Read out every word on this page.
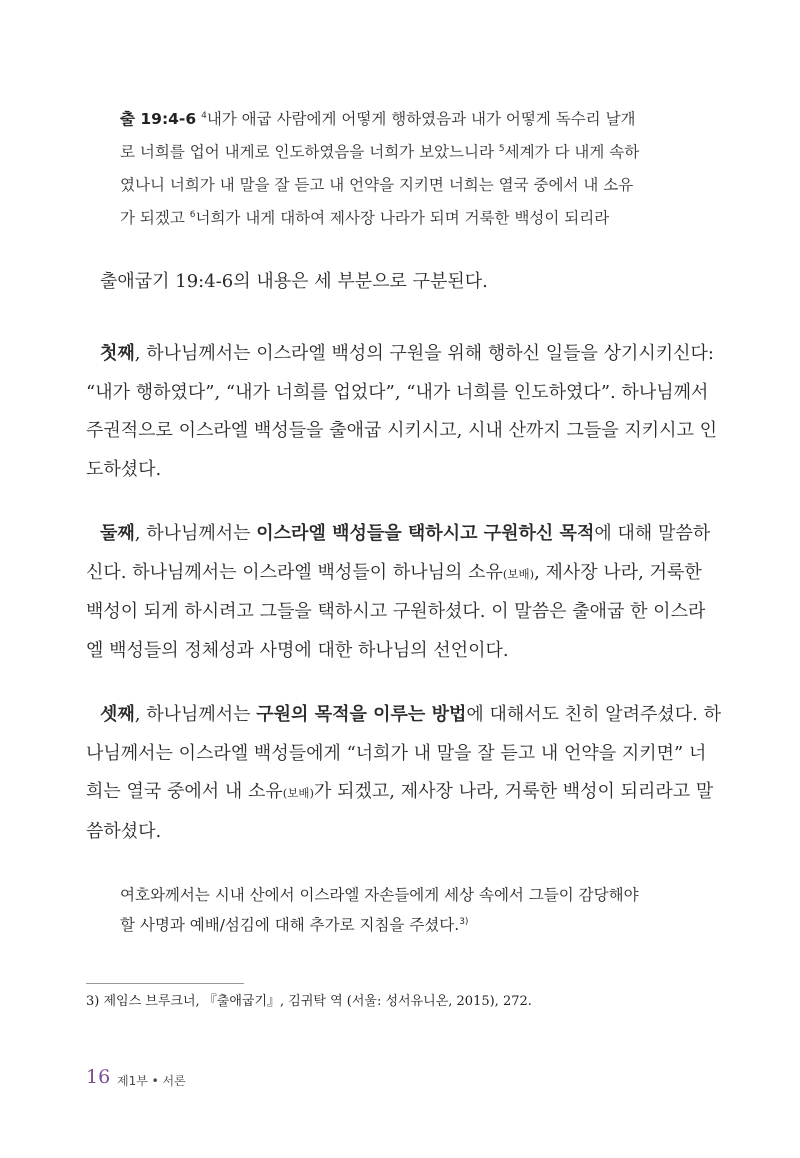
출 19:4-6 $^4$내가 애굽 사람에게 어떻게 행하였음과 내가 어떻게 독수리 날개로 너희를 업어 내게로 인도하였음을 너희가 보았느니라 $^5$세계가 다 내게 속하였나니 너희가 내 말을 잘 듣고 내 언약을 지키면 너희는 열국 중에서 내 소유가 되겠고 $^6$너희가 내게 대하여 제사장 나라가 되며 거룩한 백성이 되리라
출애굽기 19:4-6의 내용은 세 부분으로 구분된다.
첫째, 하나님께서는 이스라엘 백성의 구원을 위해 행하신 일들을 상기시키신다: “내가 행하였다”, “내가 너희를 업었다”, “내가 너희를 인도하였다”. 하나님께서 주권적으로 이스라엘 백성들을 출애굽 시키시고, 시내 산까지 그들을 지키시고 인도하셨다.
둘째, 하나님께서는 이스라엘 백성들을 택하시고 구원하신 목적에 대해 말씀하신다. 하나님께서는 이스라엘 백성들이 하나님의 소유(보배), 제사장 나라, 거룩한 백성이 되게 하시려고 그들을 택하시고 구원하셨다. 이 말씀은 출애굽 한 이스라엘 백성들의 정체성과 사명에 대한 하나님의 선언이다.
셋째, 하나님께서는 구원의 목적을 이루는 방법에 대해서도 친히 알려주셨다. 하나님께서는 이스라엘 백성들에게 “너희가 내 말을 잘 듣고 내 언약을 지키면” 너희는 열국 중에서 내 소유(보배)가 되겠고, 제사장 나라, 거룩한 백성이 되리라고 말씀하셨다.
여호와께서는 시내 산에서 이스라엘 자손들에게 세상 속에서 그들이 감당해야 할 사명과 예배/섬김에 대해 추가로 지침을 주셨다.$^{3)}$
3) 제임스 브루크너, 『출애굽기』, 김귀탁 역 (서울: 성서유니온, 2015), 272.
16 제1부 • 서론
